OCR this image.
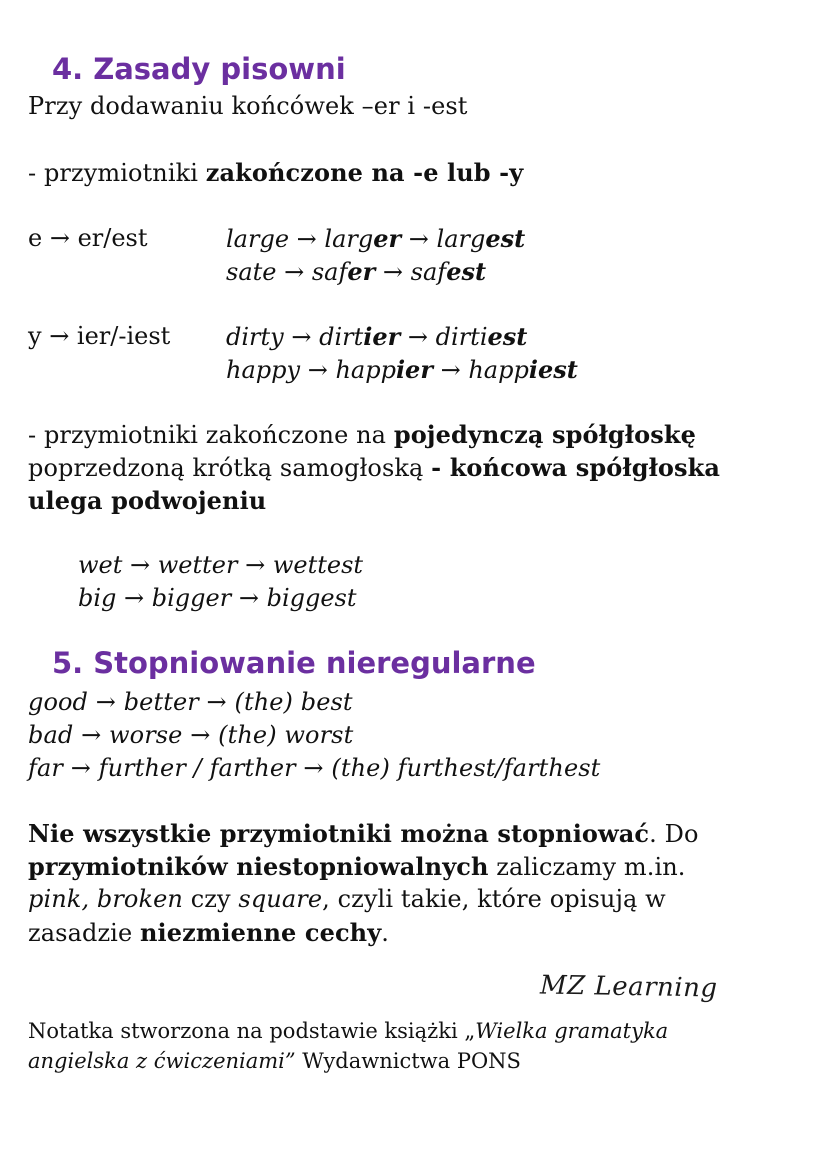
4. Zasady pisowni
Przy dodawaniu końcówek –er i -est
- przymiotniki zakończone na -e lub -y
e → er/est	large → larger → largest
sate → safer → safest
y → ier/-iest dirty → dirtier → dirtiest
happy → happier → happiest
- przymiotniki zakończone na pojedynczą spółgłoskę
poprzedzoną krótką samogłoską - końcowa spółgłoska
ulega podwojeniu
wet → wetter → wettest
big → bigger → biggest
5. Stopniowanie nieregularne
good → better → (the) best
bad → worse → (the) worst
far → further / farther → (the) furthest/farthest
Nie wszystkie przymiotniki można stopniować. Do
przymiotników niestopniowalnych zaliczamy m.in.
pink, broken czy square, czyli takie, które opisują w
zasadzie niezmienne cechy.
Notatka stworzona na podstawie książki „Wielka gramatyka
angielska z ćwiczeniami” Wydawnictwa PONS
MZ Learning
